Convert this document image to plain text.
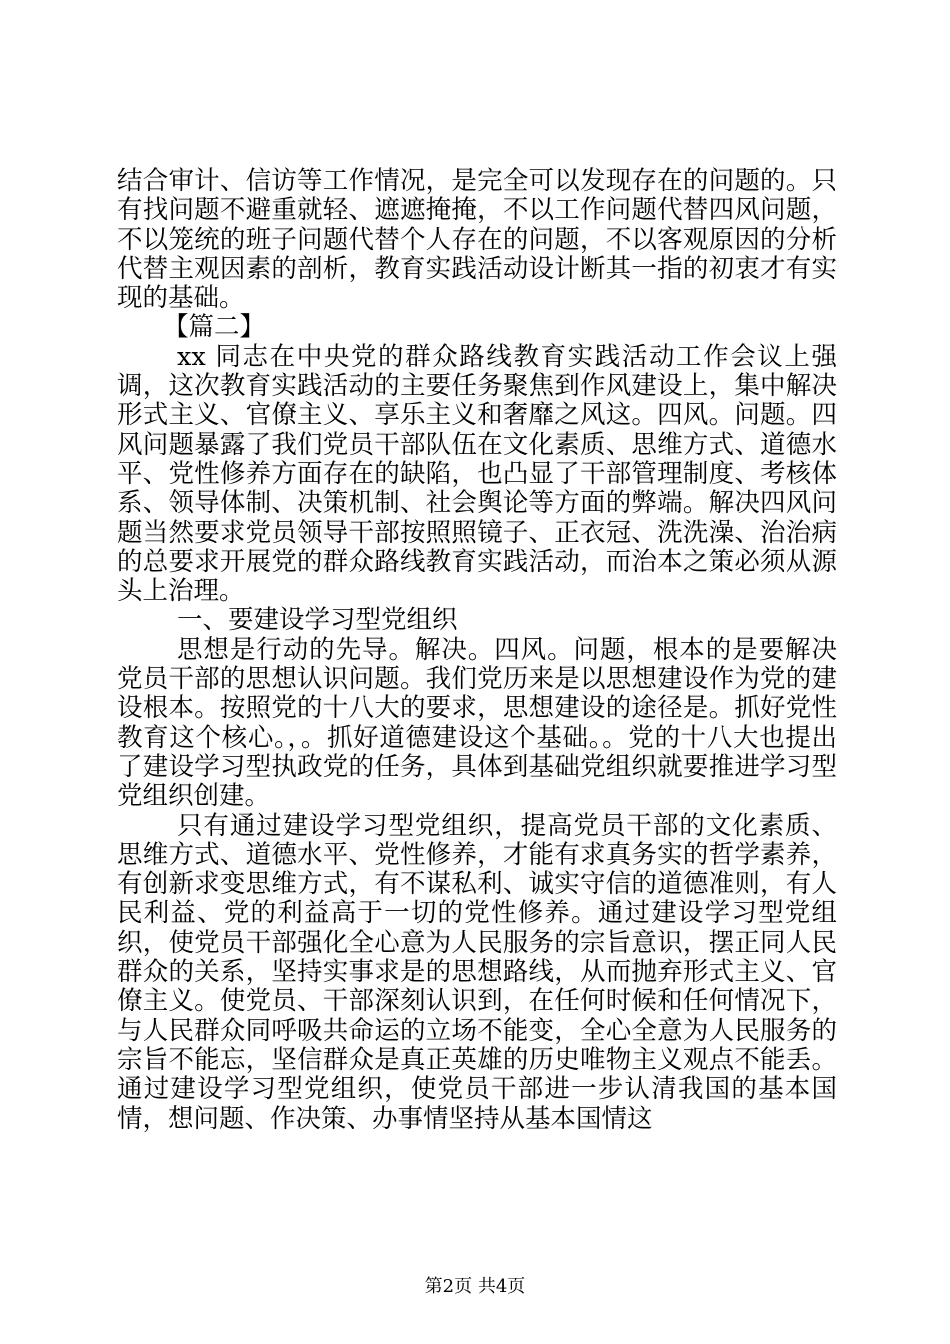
结合审计、信访等工作情况，是完全可以发现存在的问题的。只有找问题不避重就轻、遮遮掩掩，不以工作问题代替四风问题，不以笼统的班子问题代替个人存在的问题，不以客观原因的分析代替主观因素的剖析，教育实践活动设计断其一指的初衷才有实现的基础。

【篇二】

xx 同志在中央党的群众路线教育实践活动工作会议上强调，这次教育实践活动的主要任务聚焦到作风建设上，集中解决形式主义、官僚主义、享乐主义和奢靡之风这。四风。问题。四风问题暴露了我们党员干部队伍在文化素质、思维方式、道德水平、党性修养方面存在的缺陷，也凸显了干部管理制度、考核体系、领导体制、决策机制、社会舆论等方面的弊端。解决四风问题当然要求党员领导干部按照照镜子、正衣冠、洗洗澡、治治病的总要求开展党的群众路线教育实践活动，而治本之策必须从源头上治理。

一、要建设学习型党组织

思想是行动的先导。解决。四风。问题，根本的是要解决党员干部的思想认识问题。我们党历来是以思想建设作为党的建设根本。按照党的十八大的要求，思想建设的途径是。抓好党性教育这个核心。，。抓好道德建设这个基础。。党的十八大也提出了建设学习型执政党的任务，具体到基础党组织就要推进学习型党组织创建。

只有通过建设学习型党组织，提高党员干部的文化素质、思维方式、道德水平、党性修养，才能有求真务实的哲学素养，有创新求变思维方式，有不谋私利、诚实守信的道德准则，有人民利益、党的利益高于一切的党性修养。通过建设学习型党组织，使党员干部强化全心意为人民服务的宗旨意识，摆正同人民群众的关系，坚持实事求是的思想路线，从而抛弃形式主义、官僚主义。使党员、干部深刻认识到，在任何时候和任何情况下，与人民群众同呼吸共命运的立场不能变，全心全意为人民服务的宗旨不能忘，坚信群众是真正英雄的历史唯物主义观点不能丢。通过建设学习型党组织，使党员干部进一步认清我国的基本国情，想问题、作决策、办事情坚持从基本国情这

第2页 共4页
